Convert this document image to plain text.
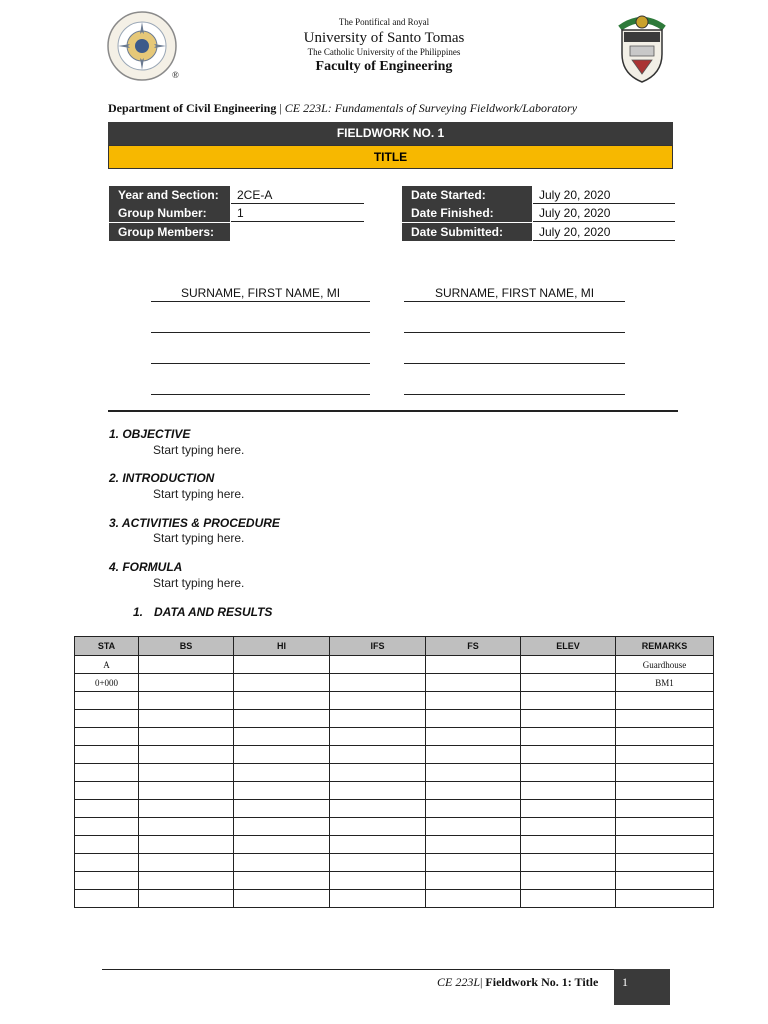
®
The Pontifical and Royal
University of Santo Tomas
The Catholic University of the Philippines
Faculty of Engineering
Department of Civil Engineering | CE 223L: Fundamentals of Surveying Fieldwork/Laboratory
FIELDWORK NO. 1
TITLE
Year and Section:	2CE-A
Group Number:	1
Group Members:
Date Started:	July 20, 2020
Date Finished:	July 20, 2020
Date Submitted:	July 20, 2020
SURNAME, FIRST NAME, MI	SURNAME, FIRST NAME, MI
1. OBJECTIVE
Start typing here.
2. INTRODUCTION
Start typing here.
3. ACTIVITIES & PROCEDURE
Start typing here.
4. FORMULA
Start typing here.
1. DATA AND RESULTS
STA	BS	HI	IFS	FS	ELEV	REMARKS
A						Guardhouse
0+000						BM1

CE 223L| Fieldwork No. 1: Title	1
